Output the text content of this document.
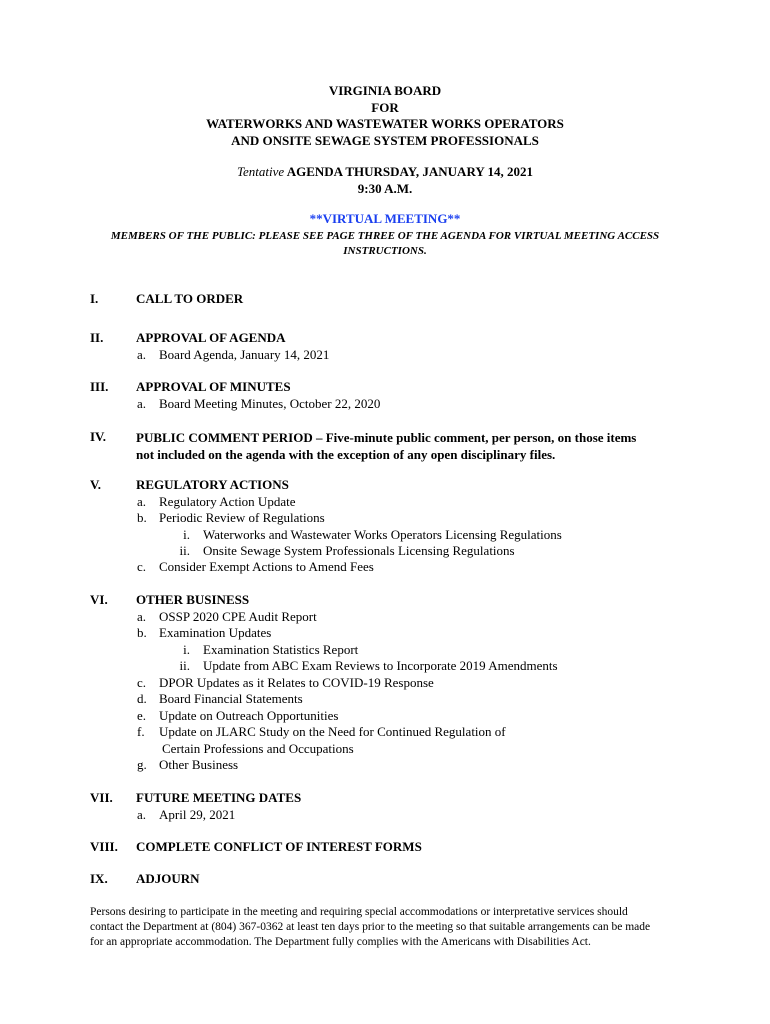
VIRGINIA BOARD
FOR
WATERWORKS AND WASTEWATER WORKS OPERATORS
AND ONSITE SEWAGE SYSTEM PROFESSIONALS
Tentative AGENDA THURSDAY, JANUARY 14, 2021
9:30 A.M.
**VIRTUAL MEETING**
MEMBERS OF THE PUBLIC: PLEASE SEE PAGE THREE OF THE AGENDA FOR VIRTUAL MEETING ACCESS INSTRUCTIONS.
I.	CALL TO ORDER
II.	APPROVAL OF AGENDA
a. Board Agenda, January 14, 2021
III. APPROVAL OF MINUTES
a. Board Meeting Minutes, October 22, 2020
IV. PUBLIC COMMENT PERIOD – Five-minute public comment, per person, on those items not included on the agenda with the exception of any open disciplinary files.
V.	REGULATORY ACTIONS
a. Regulatory Action Update
b. Periodic Review of Regulations
i. Waterworks and Wastewater Works Operators Licensing Regulations
ii. Onsite Sewage System Professionals Licensing Regulations
c. Consider Exempt Actions to Amend Fees
VI. OTHER BUSINESS
a. OSSP 2020 CPE Audit Report
b. Examination Updates
i. Examination Statistics Report
ii. Update from ABC Exam Reviews to Incorporate 2019 Amendments
c. DPOR Updates as it Relates to COVID-19 Response
d. Board Financial Statements
e. Update on Outreach Opportunities
f. Update on JLARC Study on the Need for Continued Regulation of
Certain Professions and Occupations
g. Other Business
VII. FUTURE MEETING DATES
a. April 29, 2021
VIII. COMPLETE CONFLICT OF INTEREST FORMS
IX. ADJOURN
Persons desiring to participate in the meeting and requiring special accommodations or interpretative services should contact the Department at (804) 367-0362 at least ten days prior to the meeting so that suitable arrangements can be made for an appropriate accommodation. The Department fully complies with the Americans with Disabilities Act.
